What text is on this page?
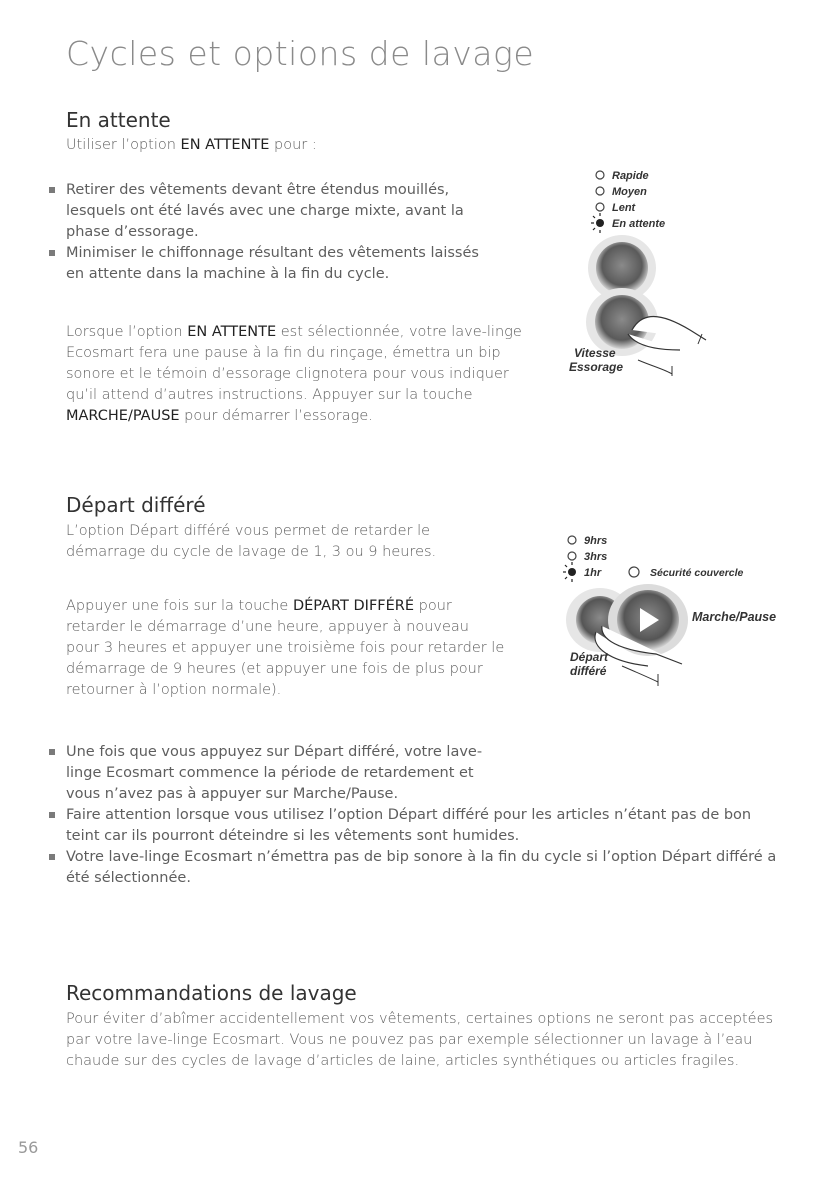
Cycles et options de lavage
En attente

Utiliser l’option EN ATTENTE pour :

Retirer des vêtements devant être étendus mouillés, lesquels ont été lavés avec une charge mixte, avant la phase d’essorage.
Minimiser le chiffonnage résultant des vêtements laissés en attente dans la machine à la fin du cycle.

Lorsque l’option EN ATTENTE est sélectionnée, votre lave-linge Ecosmart fera une pause à la fin du rinçage, émettra un bip sonore et le témoin d’essorage clignotera pour vous indiquer qu’il attend d’autres instructions. Appuyer sur la touche MARCHE/PAUSE pour démarrer l’essorage.

Rapide
Moyen
Lent
En attente
Vitesse
Essorage
Départ différé

L’option Départ différé vous permet de retarder le démarrage du cycle de lavage de 1, 3 ou 9 heures.

Appuyer une fois sur la touche DÉPART DIFFÉRÉ pour retarder le démarrage d’une heure, appuyer à nouveau pour 3 heures et appuyer une troisième fois pour retarder le démarrage de 9 heures (et appuyer une fois de plus pour retourner à l’option normale).

Une fois que vous appuyez sur Départ différé, votre lave-linge Ecosmart commence la période de retardement et vous n’avez pas à appuyer sur Marche/Pause.
Faire attention lorsque vous utilisez l’option Départ différé pour les articles n’étant pas de bon teint car ils pourront déteindre si les vêtements sont humides.
Votre lave-linge Ecosmart n’émettra pas de bip sonore à la fin du cycle si l’option Départ différé a été sélectionnée.
9hrs
3hrs
1hr	Sécurité couvercle
Marche/Pause
Départ
différé
Recommandations de lavage

Pour éviter d’abîmer accidentellement vos vêtements, certaines options ne seront pas acceptées par votre lave-linge Ecosmart. Vous ne pouvez pas par exemple sélectionner un lavage à l’eau chaude sur des cycles de lavage d’articles de laine, articles synthétiques ou articles fragiles.

56
